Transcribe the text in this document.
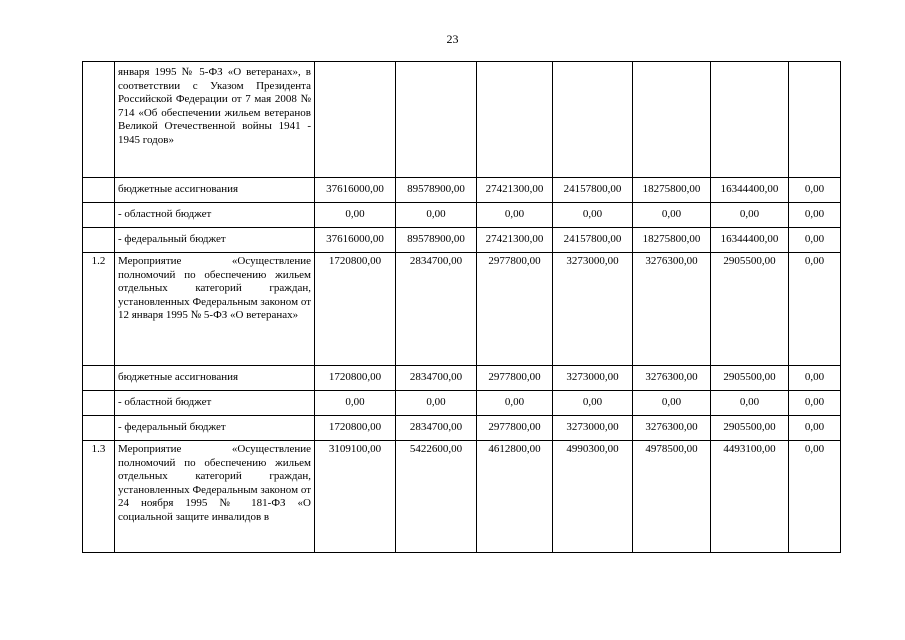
23
	января 1995 № 5-ФЗ «О ветеранах», в соответствии с Указом Президента Российской Федерации от 7 мая 2008 № 714 «Об обеспечении жильем ветеранов Великой Отечественной войны 1941 - 1945 годов»							
	бюджетные ассигнования	37616000,00	89578900,00	27421300,00	24157800,00	18275800,00	16344400,00	0,00
	- областной бюджет	0,00	0,00	0,00	0,00	0,00	0,00	0,00
	- федеральный бюджет	37616000,00	89578900,00	27421300,00	24157800,00	18275800,00	16344400,00	0,00
1.2	Мероприятие «Осуществление полномочий по обеспечению жильем отдельных категорий граждан, установленных Федеральным законом от 12 января 1995 № 5-ФЗ «О ветеранах»	1720800,00	2834700,00	2977800,00	3273000,00	3276300,00	2905500,00	0,00
	бюджетные ассигнования	1720800,00	2834700,00	2977800,00	3273000,00	3276300,00	2905500,00	0,00
	- областной бюджет	0,00	0,00	0,00	0,00	0,00	0,00	0,00
	- федеральный бюджет	1720800,00	2834700,00	2977800,00	3273000,00	3276300,00	2905500,00	0,00
1.3	Мероприятие «Осуществление полномочий по обеспечению жильем отдельных категорий граждан, установленных Федеральным законом от 24 ноября 1995 № 181-ФЗ «О социальной защите инвалидов в	3109100,00	5422600,00	4612800,00	4990300,00	4978500,00	4493100,00	0,00
